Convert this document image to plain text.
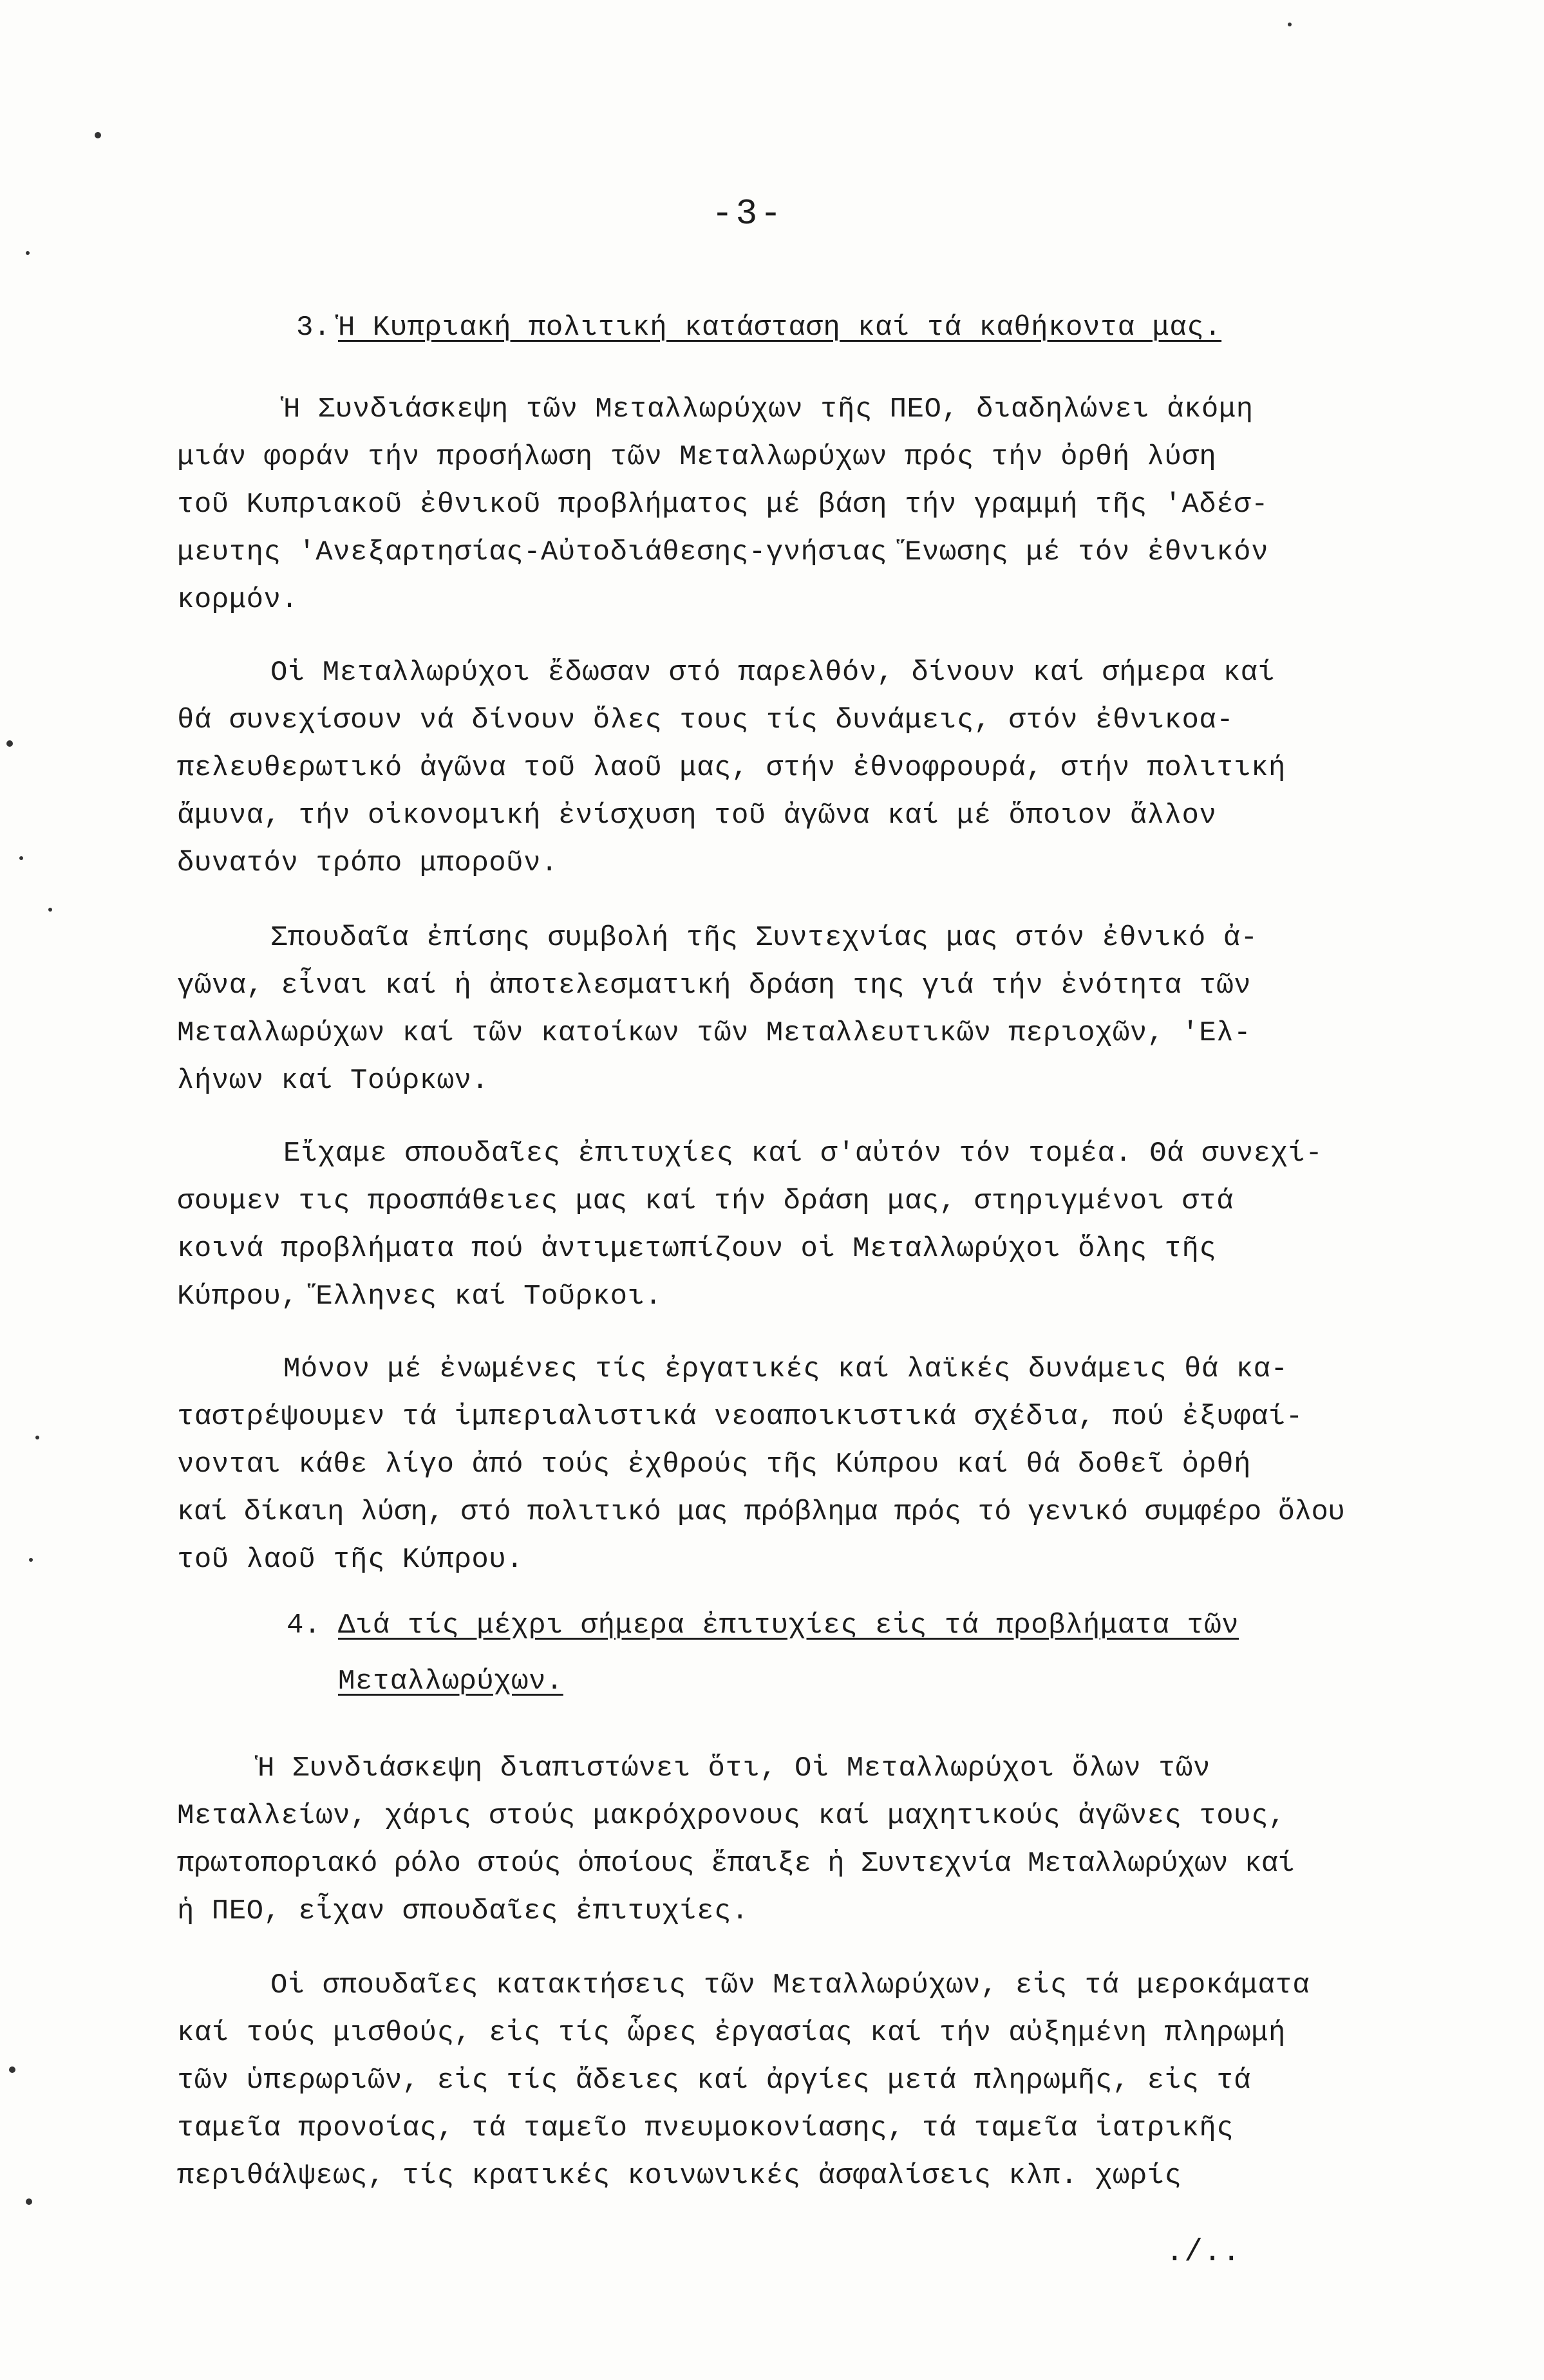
-3-
3. Ἡ Κυπριακή πολιτική κατάσταση καί τά καθήκοντα μας.
Ἡ Συνδιάσκεψη τῶν Μεταλλωρύχων τῆς ΠΕΟ, διαδηλώνει ἀκόμη
μιάν φοράν τήν προσήλωση τῶν Μεταλλωρύχων πρός τήν ὀρθή λύση
τοῦ Κυπριακοῦ ἐθνικοῦ προβλήματος μέ βάση τήν γραμμή τῆς 'Αδέσ-
μευτης 'Ανεξαρτησίας-Αὐτοδιάθεσης-γνήσιας Ἕνωσης μέ τόν ἐθνικόν
κορμόν.
Οἱ Μεταλλωρύχοι ἔδωσαν στό παρελθόν, δίνουν καί σήμερα καί
θά συνεχίσουν νά δίνουν ὅλες τους τίς δυνάμεις, στόν ἐθνικοα-
πελευθερωτικό ἀγῶνα τοῦ λαοῦ μας, στήν ἐθνοφρουρά, στήν πολιτική
ἄμυνα, τήν οἰκονομική ἐνίσχυση τοῦ ἀγῶνα καί μέ ὅποιον ἄλλον
δυνατόν τρόπο μποροῦν.
Σπουδαῖα ἐπίσης συμβολή τῆς Συντεχνίας μας στόν ἐθνικό ἀ-
γῶνα, εἶναι καί ἡ ἀποτελεσματική δράση της γιά τήν ἑνότητα τῶν
Μεταλλωρύχων καί τῶν κατοίκων τῶν Μεταλλευτικῶν περιοχῶν, 'Ελ-
λήνων καί Τούρκων.
Εἴχαμε σπουδαῖες ἐπιτυχίες καί σ'αὐτόν τόν τομέα. Θά συνεχί-
σουμεν τις προσπάθειες μας καί τήν δράση μας, στηριγμένοι στά
κοινά προβλήματα πού ἀντιμετωπίζουν οἱ Μεταλλωρύχοι ὅλης τῆς
Κύπρου, Ἕλληνες καί Τοῦρκοι.
Μόνον μέ ἐνωμένες τίς ἐργατικές καί λαϊκές δυνάμεις θά κα-
ταστρέψουμεν τά ἰμπεριαλιστικά νεοαποικιστικά σχέδια, πού ἐξυφαί-
νονται κάθε λίγο ἀπό τούς ἐχθρούς τῆς Κύπρου καί θά δοθεῖ ὀρθή
καί δίκαιη λύση, στό πολιτικό μας πρόβλημα πρός τό γενικό συμφέρο ὅλου
τοῦ λαοῦ τῆς Κύπρου.
4. Διά τίς μέχρι σήμερα ἐπιτυχίες εἰς τά προβλήματα τῶν
Μεταλλωρύχων.
Ἡ Συνδιάσκεψη διαπιστώνει ὅτι, Οἱ Μεταλλωρύχοι ὅλων τῶν
Μεταλλείων, χάρις στούς μακρόχρονους καί μαχητικούς ἀγῶνες τους,
πρωτοποριακό ρόλο στούς ὁποίους ἔπαιξε ἡ Συντεχνία Μεταλλωρύχων καί
ἡ ΠΕΟ, εἶχαν σπουδαῖες ἐπιτυχίες.
Οἱ σπουδαῖες κατακτήσεις τῶν Μεταλλωρύχων, εἰς τά μεροκάματα
καί τούς μισθούς, εἰς τίς ὧρες ἐργασίας καί τήν αὐξημένη πληρωμή
τῶν ὑπερωριῶν, εἰς τίς ἄδειες καί ἀργίες μετά πληρωμῆς, εἰς τά
ταμεῖα προνοίας, τά ταμεῖο πνευμοκονίασης, τά ταμεῖα ἰατρικῆς
περιθάλψεως, τίς κρατικές κοινωνικές ἀσφαλίσεις κλπ. χωρίς
./..
